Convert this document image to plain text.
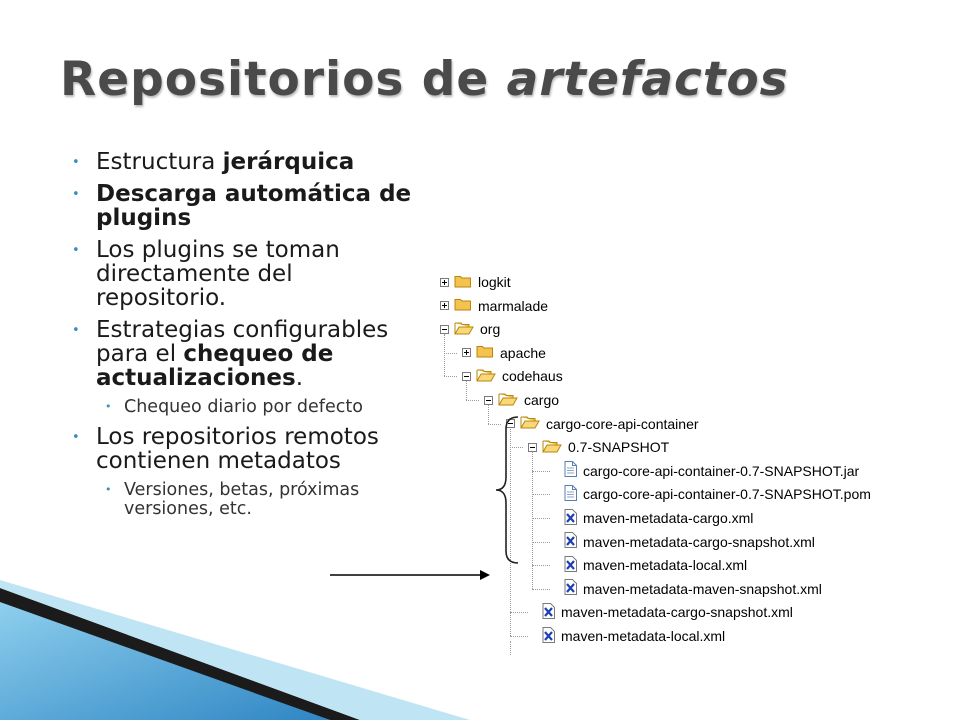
Repositorios de artefactos
• Estructura jerárquica
• Descarga automática de plugins
• Los plugins se toman directamente del repositorio.
• Estrategias configurables para el chequeo de actualizaciones.
• Chequeo diario por defecto
• Los repositorios remotos contienen metadatos
• Versiones, betas, próximas versiones, etc.
logkit
marmalade
org
apache
codehaus
cargo
cargo-core-api-container
0.7-SNAPSHOT
cargo-core-api-container-0.7-SNAPSHOT.jar
cargo-core-api-container-0.7-SNAPSHOT.pom
maven-metadata-cargo.xml
maven-metadata-cargo-snapshot.xml
maven-metadata-local.xml
maven-metadata-maven-snapshot.xml
maven-metadata-cargo-snapshot.xml
maven-metadata-local.xml
